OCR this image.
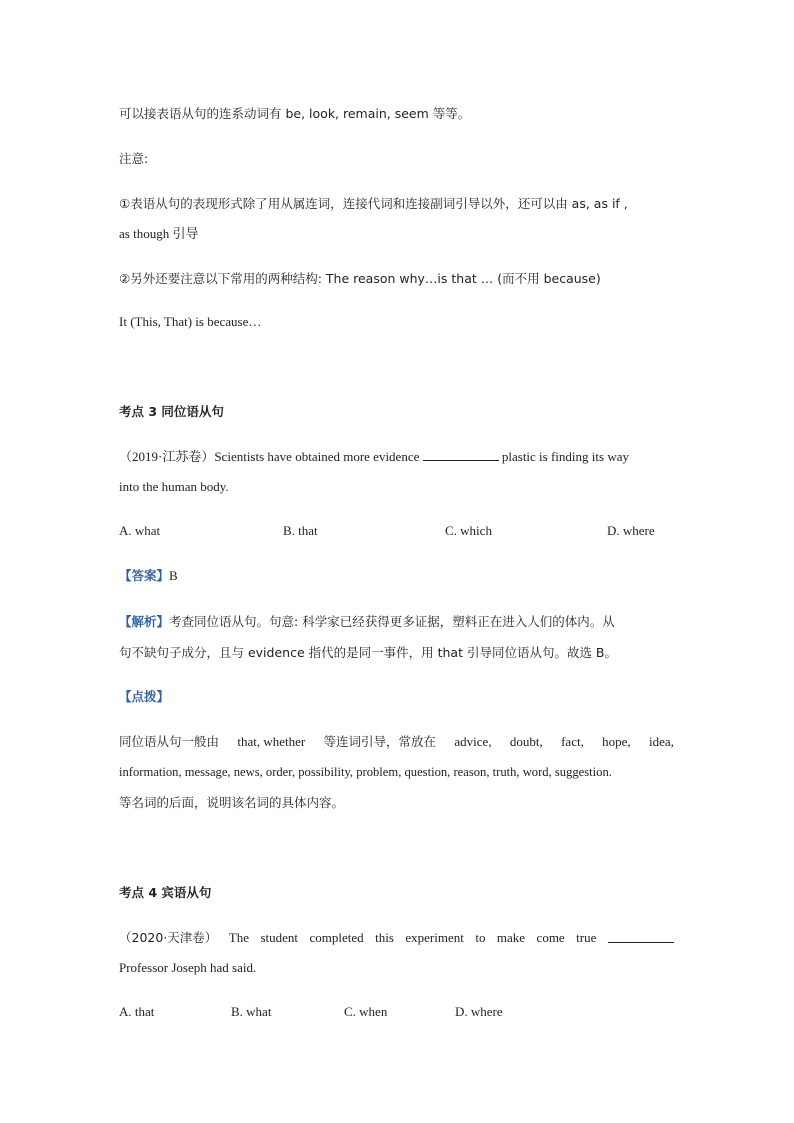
可以接表语从句的连系动词有 be, look, remain, seem 等等。

注意:

①表语从句的表现形式除了用从属连词，连接代词和连接副词引导以外，还可以由 as, as if ,

as though 引导

②另外还要注意以下常用的两种结构: The reason why…is that … (而不用 because)

It (This, That) is because…

考点 3 同位语从句

（2019·江苏卷）Scientists have obtained more evidence	plastic is finding its way

into the human body.

A. what	B. that	C. which	D. where

【答案】B

【解析】考查同位语从句。句意: 科学家已经获得更多证据，塑料正在进入人们的体内。从

句不缺句子成分，且与 evidence 指代的是同一事件，用 that 引导同位语从句。故选 B。

【点拨】

同位语从句一般由 that, whether 等连词引导，常放在 advice, doubt, fact, hope, idea,

information, message, news, order, possibility, problem, question, reason, truth, word, suggestion.

等名词的后面，说明该名词的具体内容。

考点 4 宾语从句

（2020·天津卷） The student completed this experiment to make come true

Professor Joseph had said.

A. that	B. what	C. when	D. where
